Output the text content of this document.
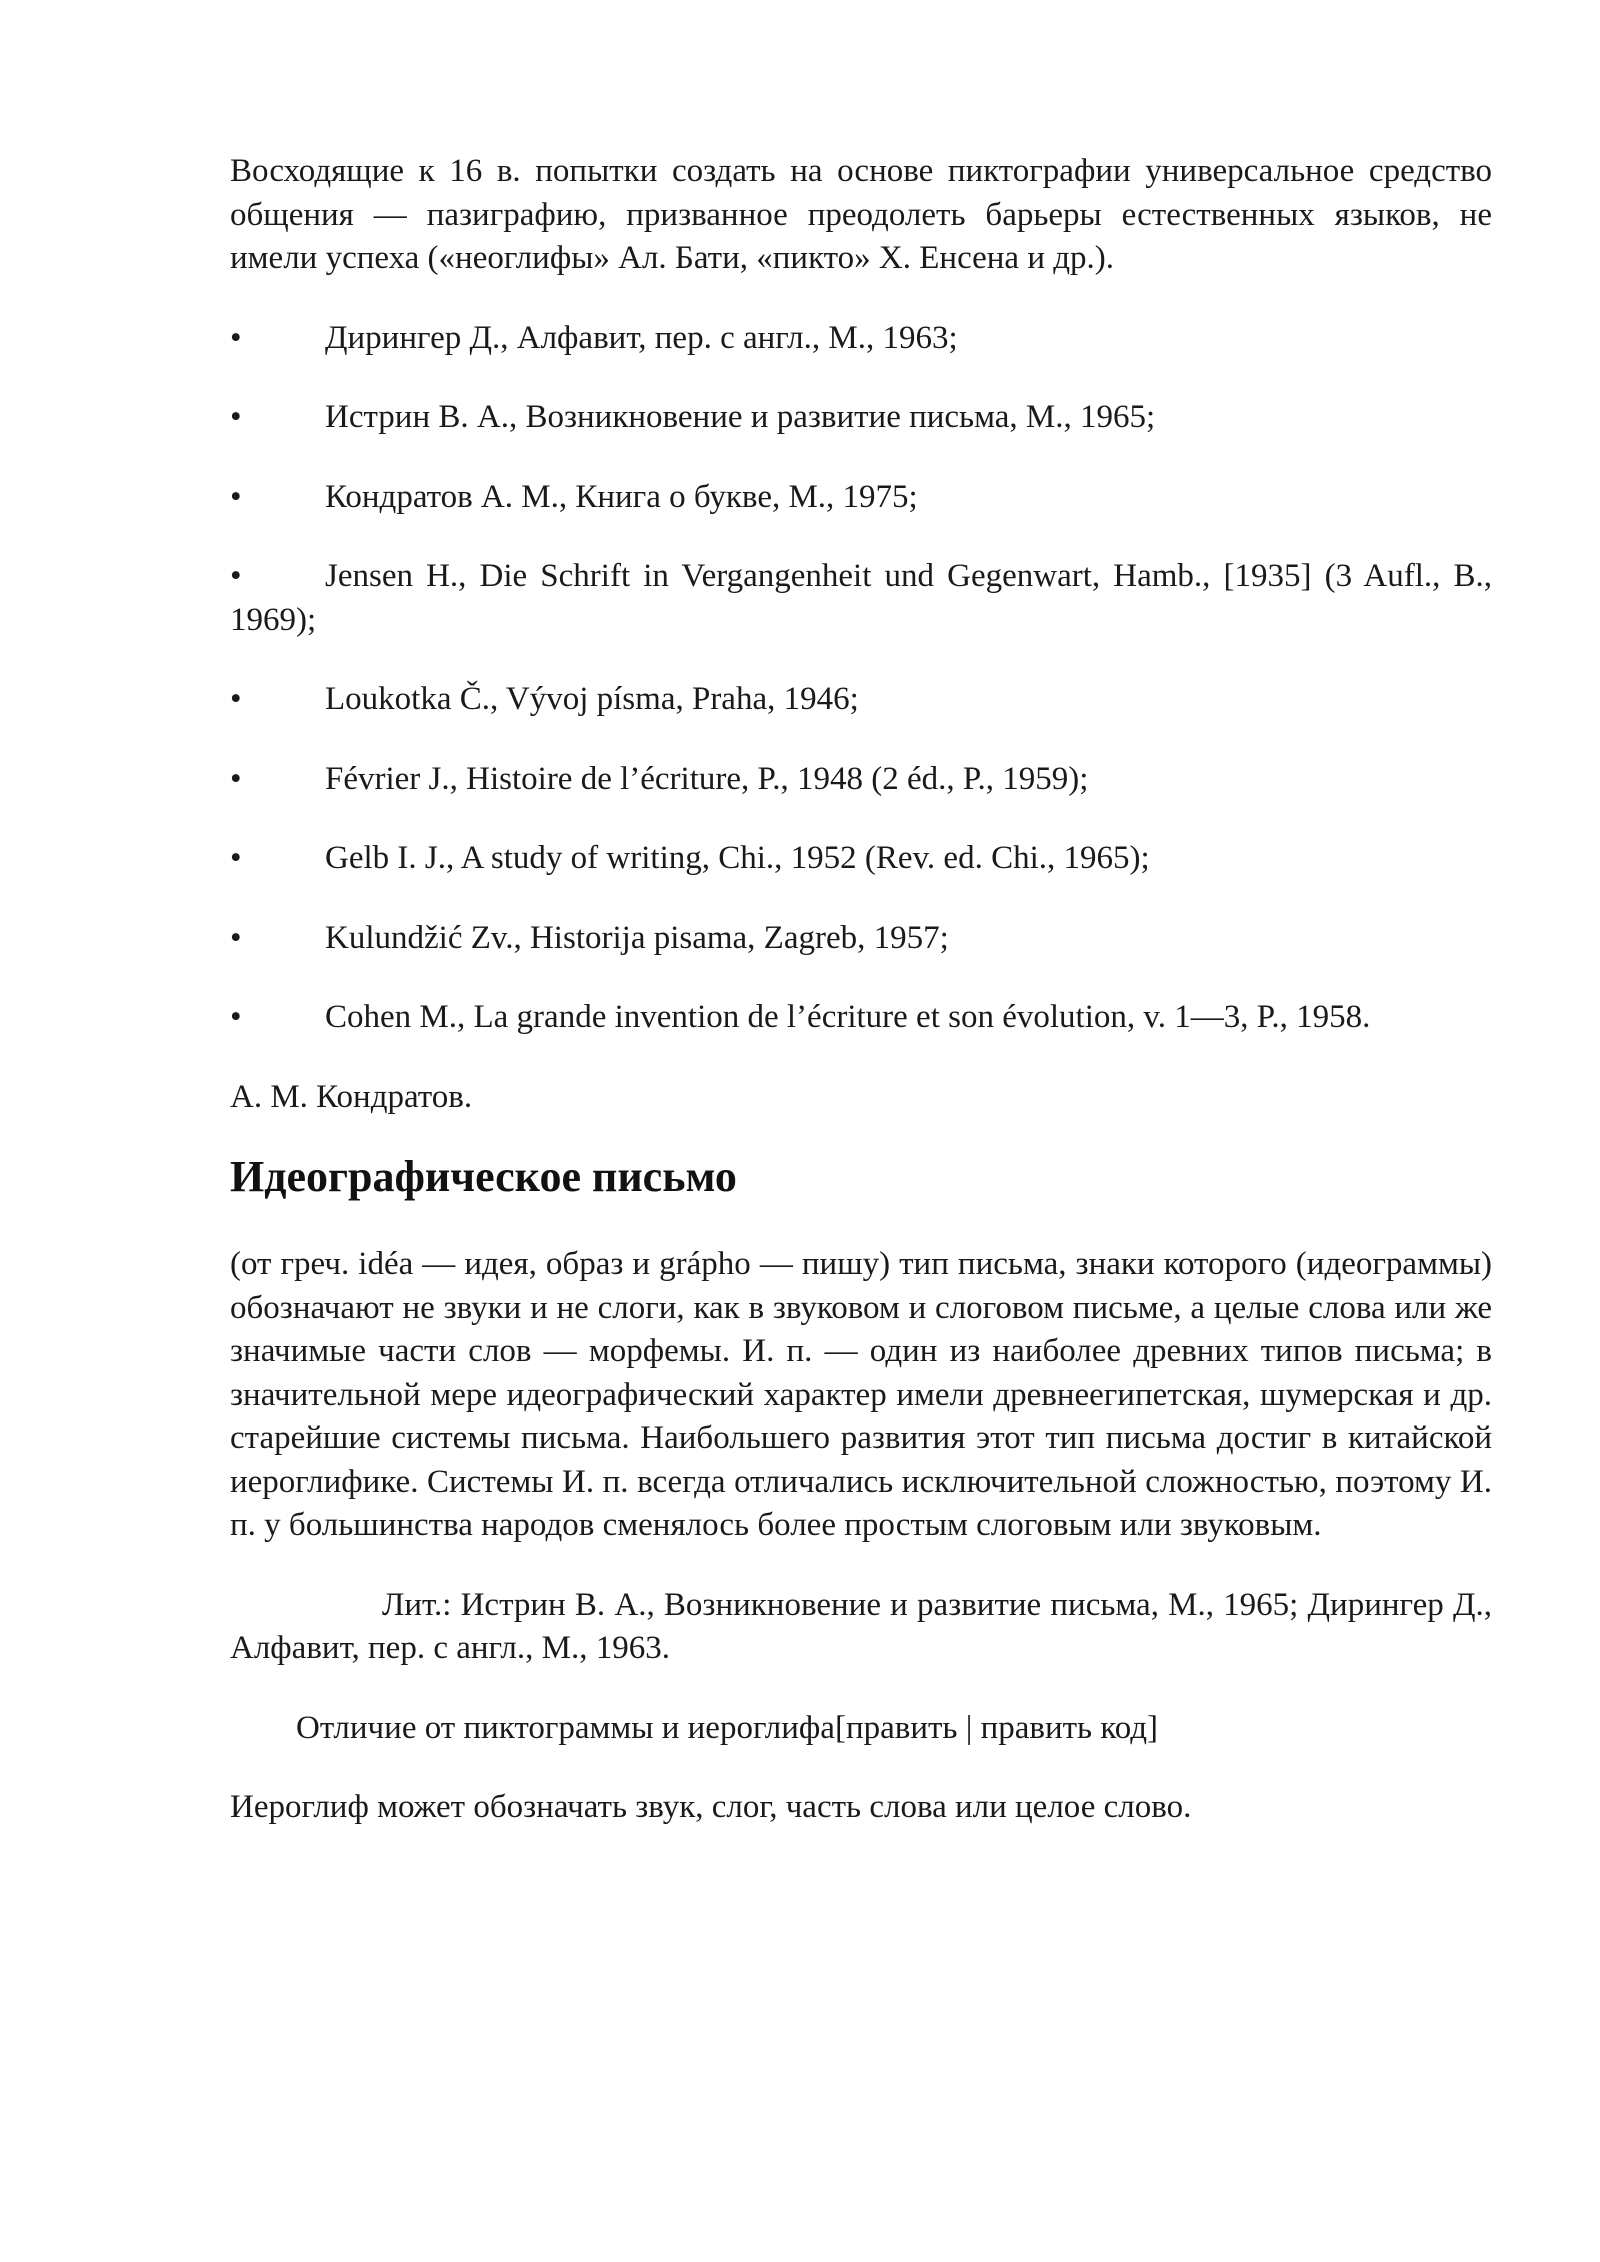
Восходящие к 16 в. попытки создать на основе пиктографии универсальное средство общения — пазиграфию, призванное преодолеть барьеры естественных языков, не имели успеха («неоглифы» Ал. Бати, «пикто» Х. Енсена и др.).

•	Дирингер Д., Алфавит, пер. с англ., М., 1963;
•	Истрин В. А., Возникновение и развитие письма, М., 1965;
•	Кондратов А. М., Книга о букве, М., 1975;
•	Jensen H., Die Schrift in Vergangenheit und Gegenwart, Hamb., [1935] (3 Aufl., B., 1969);
•	Loukotka Č., Vývoj písma, Praha, 1946;
•	Février J., Histoire de l’écriture, P., 1948 (2 éd., P., 1959);
•	Gelb I. J., A study of writing, Chi., 1952 (Rev. ed. Chi., 1965);
•	Kulundžić Zv., Historija pisama, Zagreb, 1957;
•	Cohen M., La grande invention de l’écriture et son évolution, v. 1—3, P., 1958.

А. М. Кондратов.

Идеографическое письмо

(от греч. idéa — идея, образ и grápho — пишу) тип письма, знаки которого (идеограммы) обозначают не звуки и не слоги, как в звуковом и слоговом письме, а целые слова или же значимые части слов — морфемы. И. п. — один из наиболее древних типов письма; в значительной мере идеографический характер имели древнеегипетская, шумерская и др. старейшие системы письма. Наибольшего развития этот тип письма достиг в китайской иероглифике. Системы И. п. всегда отличались исключительной сложностью, поэтому И. п. у большинства народов сменялось более простым слоговым или звуковым.

Лит.: Истрин В. А., Возникновение и развитие письма, М., 1965; Дирингер Д., Алфавит, пер. с англ., М., 1963.

Отличие от пиктограммы и иероглифа[править | править код]

Иероглиф может обозначать звук, слог, часть слова или целое слово.
